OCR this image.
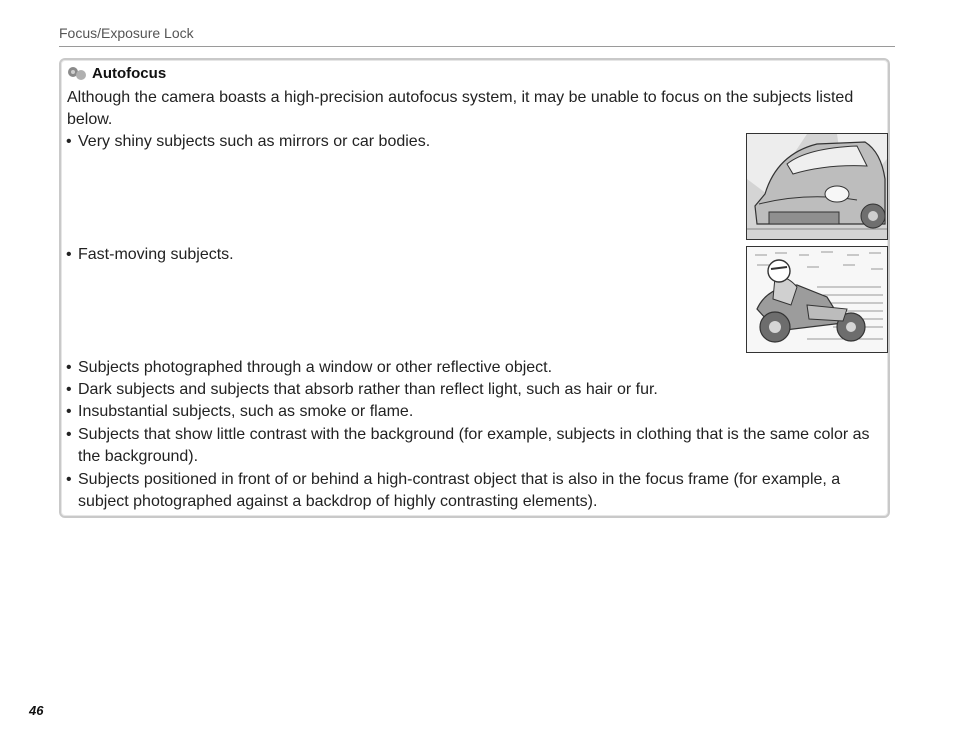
Focus/Exposure Lock
Autofocus
Although the camera boasts a high-precision autofocus system, it may be unable to focus on the subjects listed below.
• Very shiny subjects such as mirrors or car bodies.
• Fast-moving subjects.
• Subjects photographed through a window or other reflective object.
• Dark subjects and subjects that absorb rather than reflect light, such as hair or fur.
• Insubstantial subjects, such as smoke or flame.
• Subjects that show little contrast with the background (for example, subjects in clothing that is the same color as the background).
• Subjects positioned in front of or behind a high-contrast object that is also in the focus frame (for example, a subject photographed against a backdrop of highly contrasting elements).
46
